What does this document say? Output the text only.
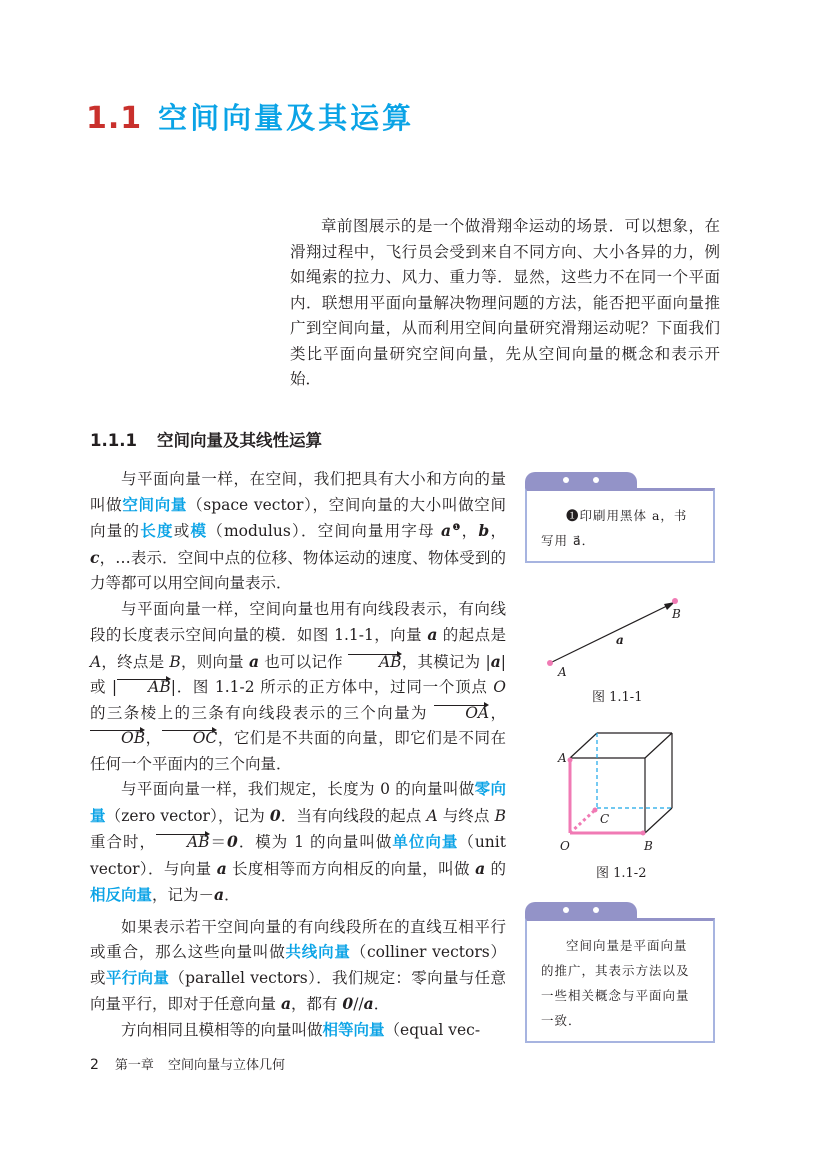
1.1 空间向量及其运算

章前图展示的是一个做滑翔伞运动的场景．可以想象，在滑翔过程中，飞行员会受到来自不同方向、大小各异的力，例如绳索的拉力、风力、重力等．显然，这些力不在同一个平面内．联想用平面向量解决物理问题的方法，能否把平面向量推广到空间向量，从而利用空间向量研究滑翔运动呢？下面我们类比平面向量研究空间向量，先从空间向量的概念和表示开始．

1.1.1 空间向量及其线性运算

与平面向量一样，在空间，我们把具有大小和方向的量叫做空间向量（space vector），空间向量的大小叫做空间向量的长度或模（modulus）．空间向量用字母 $a^❶$，b，c，…表示．空间中点的位移、物体运动的速度、物体受到的力等都可以用空间向量表示．

与平面向量一样，空间向量也用有向线段表示，有向线段的长度表示空间向量的模．如图 1.1-1，向量 a 的起点是 A，终点是 B，则向量 a 也可以记作 AB，其模记为 |a| 或 | AB|．图 1.1-2 所示的正方体中，过同一个顶点 O 的三条棱上的三条有向线段表示的三个向量为 OA，OB， OC，它们是不共面的向量，即它们是不同在任何一个平面内的三个向量．

与平面向量一样，我们规定，长度为 0 的向量叫做零向量（zero vector），记为 0．当有向线段的起点 A 与终点 B 重合时， AB＝0．模为 1 的向量叫做单位向量（unit vector）．与向量 a 长度相等而方向相反的向量，叫做 a 的相反向量，记为－a．

如果表示若干空间向量的有向线段所在的直线互相平行或重合，那么这些向量叫做共线向量（colliner vectors）或平行向量（parallel vectors）．我们规定：零向量与任意向量平行，即对于任意向量 a，都有 0//a．

方向相同且模相等的向量叫做相等向量（equal vec-

❶印刷用黑体 a，书写用 a⃗．
A
B
a
图 1.1-1
A
O	B
C
图 1.1-2
空间向量是平面向量的推广，其表示方法以及一些相关概念与平面向量一致．
2 第一章 空间向量与立体几何
